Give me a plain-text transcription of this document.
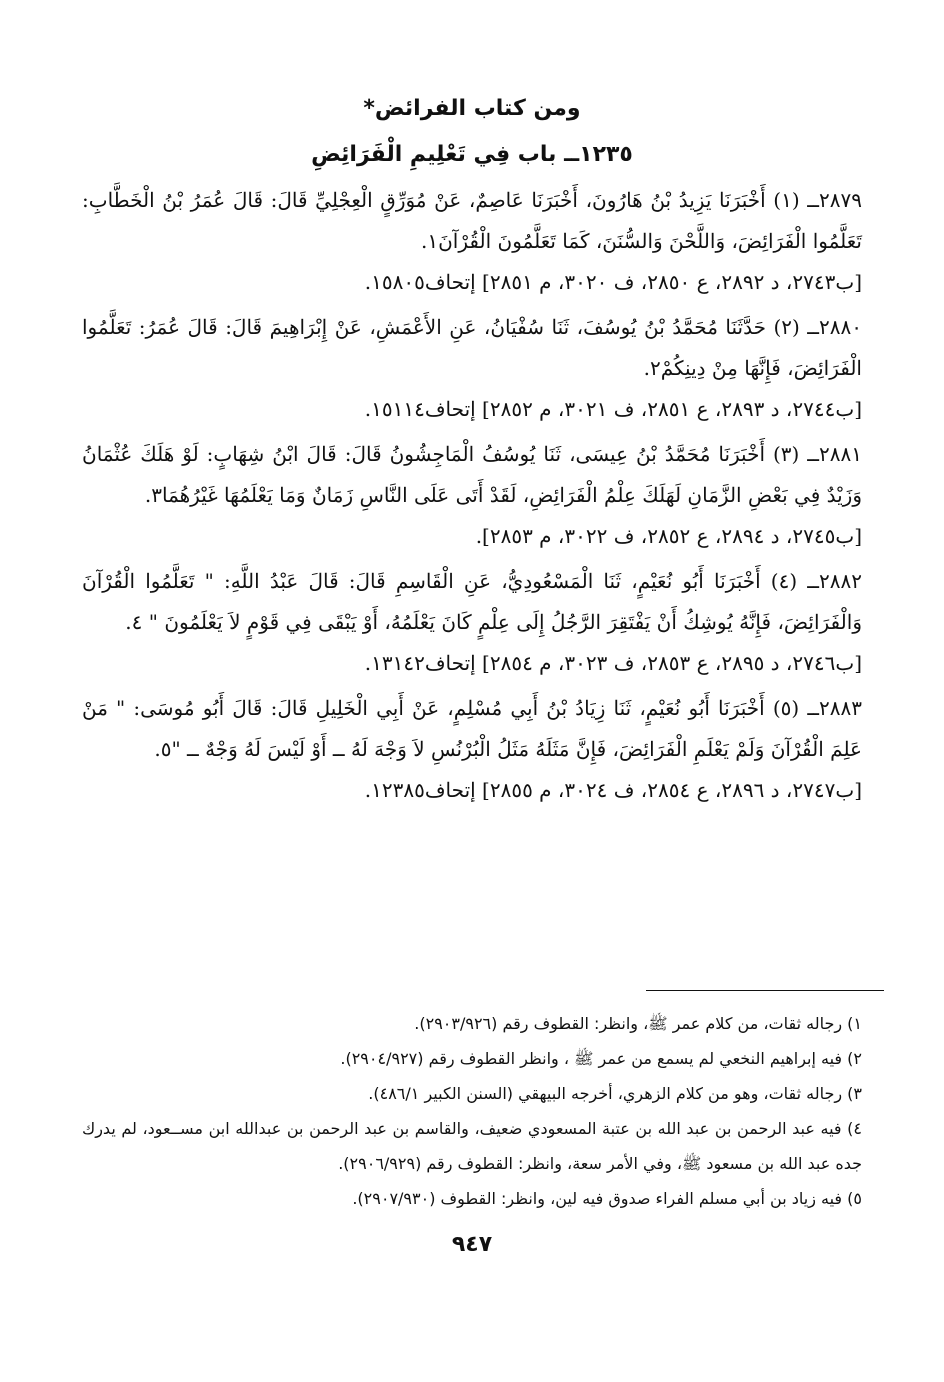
ومن كتاب الفرائض*
١٢٣٥ــ باب فِي تَعْلِيمِ الْفَرَائِضِ

٢٨٧٩ــ (١) أَخْبَرَنَا يَزِيدُ بْنُ هَارُونَ، أَخْبَرَنَا عَاصِمٌ، عَنْ مُوَرِّقٍ الْعِجْلِيِّ قَالَ: قَالَ عُمَرُ بْنُ الْخَطَّابِ: تَعَلَّمُوا الْفَرَائِضَ، وَاللَّحْنَ وَالسُّنَنَ، كَمَا تَعَلَّمُونَ الْقُرْآنَ١.

[ب٢٧٤٣، د ٢٨٩٢، ع ٢٨٥٠، ف ٣٠٢٠، م ٢٨٥١] إتحاف١٥٨٠٥.

٢٨٨٠ــ (٢) حَدَّثَنَا مُحَمَّدُ بْنُ يُوسُفَ، ثَنَا سُفْيَانُ، عَنِ الأَعْمَشِ، عَنْ إِبْرَاهِيمَ قَالَ: قَالَ عُمَرُ: تَعَلَّمُوا الْفَرَائِضَ، فَإِنَّهَا مِنْ دِينِكُمْ٢.

[ب٢٧٤٤، د ٢٨٩٣، ع ٢٨٥١، ف ٣٠٢١، م ٢٨٥٢] إتحاف١٥١١٤.

٢٨٨١ــ (٣) أَخْبَرَنَا مُحَمَّدُ بْنُ عِيسَى، ثَنَا يُوسُفُ الْمَاجِشُونُ قَالَ: قَالَ ابْنُ شِهَابٍ: لَوْ هَلَكَ عُثْمَانُ وَزَيْدٌ فِي بَعْضِ الزَّمَانِ لَهَلَكَ عِلْمُ الْفَرَائِضِ، لَقَدْ أَتَى عَلَى النَّاسِ زَمَانٌ وَمَا يَعْلَمُهَا غَيْرُهُمَا٣.

[ب٢٧٤٥، د ٢٨٩٤، ع ٢٨٥٢، ف ٣٠٢٢، م ٢٨٥٣].

٢٨٨٢ــ (٤) أَخْبَرَنَا أَبُو نُعَيْمٍ، ثَنَا الْمَسْعُودِيُّ، عَنِ الْقَاسِمِ قَالَ: قَالَ عَبْدُ اللَّهِ: " تَعَلَّمُوا الْقُرْآنَ وَالْفَرَائِضَ، فَإِنَّهُ يُوشِكُ أَنْ يَفْتَقِرَ الرَّجُلُ إِلَى عِلْمٍ كَانَ يَعْلَمُهُ، أَوْ يَبْقَى فِي قَوْمٍ لاَ يَعْلَمُونَ " ٤.

[ب٢٧٤٦، د ٢٨٩٥، ع ٢٨٥٣، ف ٣٠٢٣، م ٢٨٥٤] إتحاف١٣١٤٢.

٢٨٨٣ــ (٥) أَخْبَرَنَا أَبُو نُعَيْمٍ، ثَنَا زِيَادُ بْنُ أَبِي مُسْلِمٍ، عَنْ أَبِي الْخَلِيلِ قَالَ: قَالَ أَبُو مُوسَى: " مَنْ عَلِمَ الْقُرْآنَ وَلَمْ يَعْلَمِ الْفَرَائِضَ، فَإِنَّ مَثَلَهُ مَثَلُ الْبُرْنُسِ لاَ وَجْهَ لَهُ ــ أَوْ لَيْسَ لَهُ وَجْهٌ ــ "٥.

[ب٢٧٤٧، د ٢٨٩٦، ع ٢٨٥٤، ف ٣٠٢٤، م ٢٨٥٥] إتحاف١٢٣٨٥.

١) رجاله ثقات، من كلام عمر ﷺ، وانظر: القطوف رقم (٢٩٠٣/٩٢٦).

٢) فيه إبراهيم النخعي لم يسمع من عمر ﷺ ، وانظر القطوف رقم (٢٩٠٤/٩٢٧).

٣) رجاله ثقات، وهو من كلام الزهري، أخرجه البيهقي (السنن الكبير ٤٨٦/١).

٤) فيه عبد الرحمن بن عبد الله بن عتبة المسعودي ضعيف، والقاسم بن عبد الرحمن بن عبدالله ابن مســعود، لم يدرك جده عبد الله بن مسعود ﷺ، وفي الأمر سعة، وانظر: القطوف رقم (٢٩٠٦/٩٢٩).

٥) فيه زياد بن أبي مسلم الفراء صدوق فيه لين، وانظر: القطوف (٢٩٠٧/٩٣٠).

٩٤٧
